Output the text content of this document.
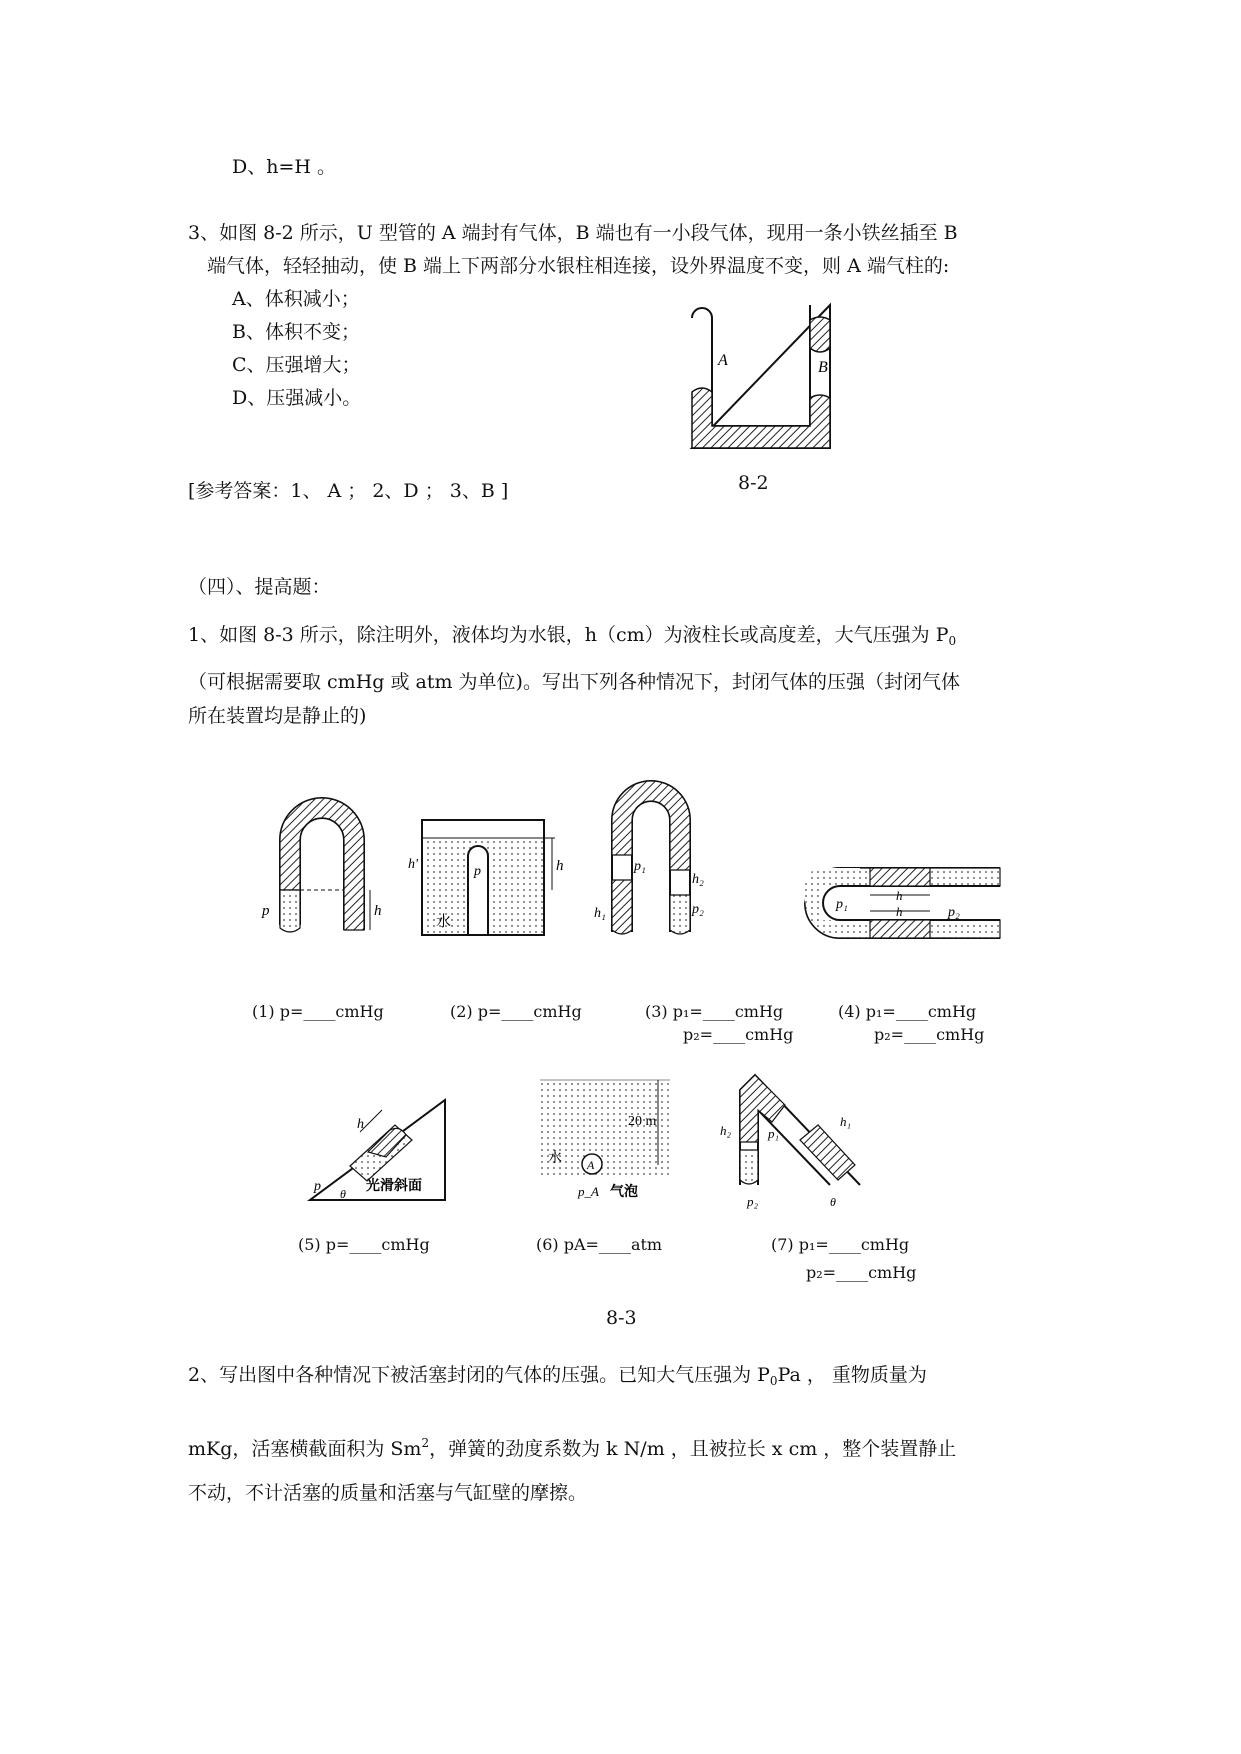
D、h=H 。
3、如图 8-2 所示，U 型管的 A 端封有气体，B 端也有一小段气体，现用一条小铁丝插至 B
端气体，轻轻抽动，使 B 端上下两部分水银柱相连接，设外界温度不变，则 A 端气柱的:
A、体积减小；
B、体积不变；
C、压强增大；
D、压强减小。
A	B
8-2
[参考答案：1、 A ； 2、D ； 3、B ]
（四）、提高题：
1、如图 8-3 所示，除注明外，液体均为水银，h（cm）为液柱长或高度差，大气压强为 $P_0$
（可根据需要取 cmHg 或 atm 为单位)。写出下列各种情况下，封闭气体的压强（封闭气体
所在装置均是静止的)
h
p
p	h
h'
水
p₁
p₂
h₂
h₁
h
h
p₁
p₂
(1) p=____cmHg	(2) p=____cmHg	(3) p₁=____cmHg
p₂=____cmHg
(4) p₁=____cmHg
p₂=____cmHg
h
p θ 光滑斜面
20 m
水 A
p_A 气泡
h₂	p₁
h₁
p₂	θ
(5) p=____cmHg	(6) pA=____atm	(7) p₁=____cmHg
p₂=____cmHg
8-3
2、写出图中各种情况下被活塞封闭的气体的压强。已知大气压强为 $P_0Pa$ ， 重物质量为
mKg，活塞横截面积为 Sm$^2$，弹簧的劲度系数为 k N/m ，且被拉长 x cm ，整个装置静止
不动，不计活塞的质量和活塞与气缸壁的摩擦。
